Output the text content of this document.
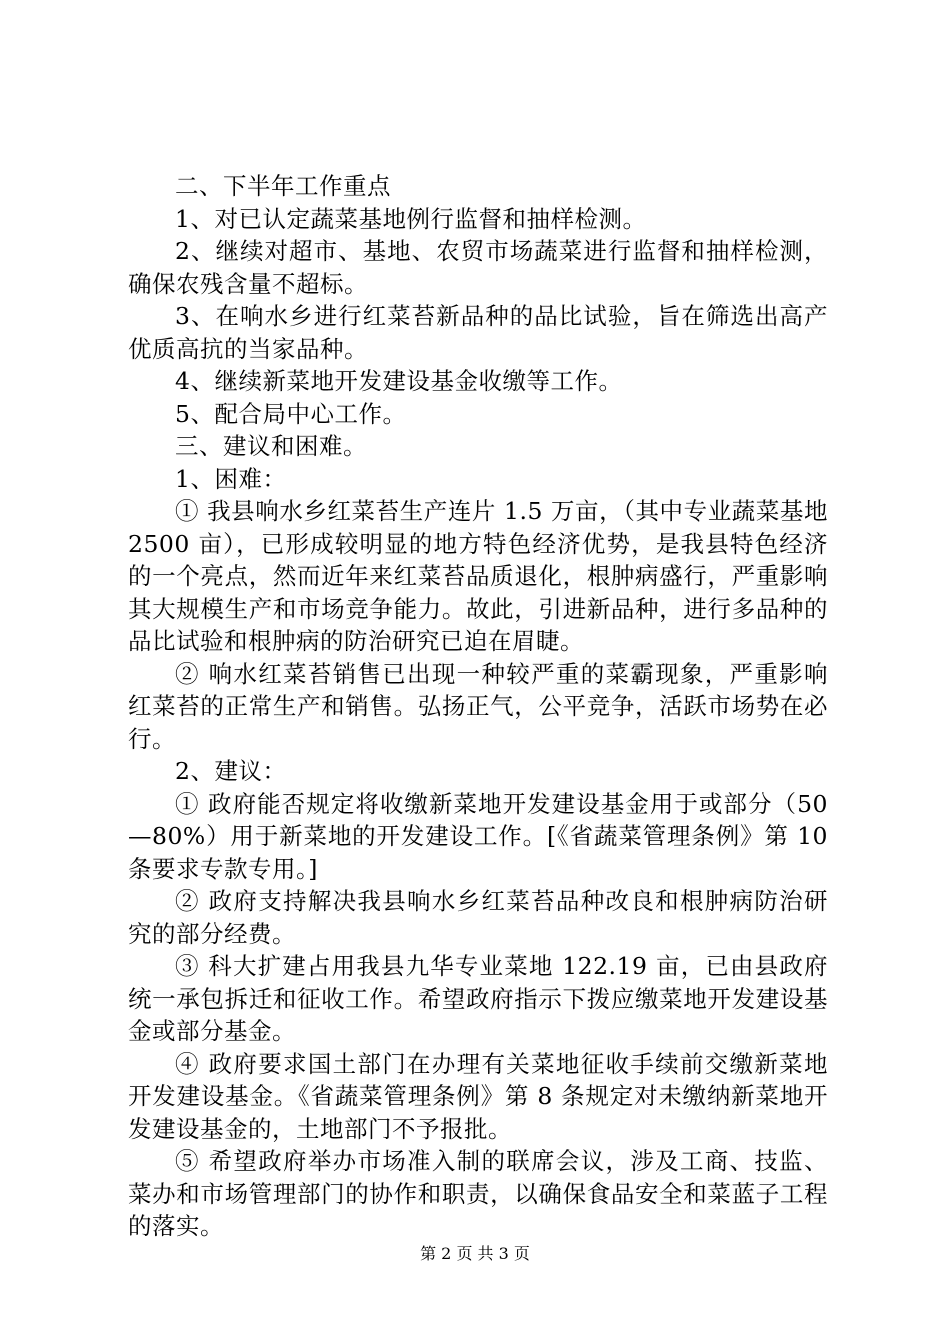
二、下半年工作重点

1、对已认定蔬菜基地例行监督和抽样检测。

2、继续对超市、基地、农贸市场蔬菜进行监督和抽样检测，确保农残含量不超标。

3、在响水乡进行红菜苔新品种的品比试验，旨在筛选出高产优质高抗的当家品种。

4、继续新菜地开发建设基金收缴等工作。

5、配合局中心工作。

三、建议和困难。

1、困难：

① 我县响水乡红菜苔生产连片 1.5 万亩，（其中专业蔬菜基地 2500 亩），已形成较明显的地方特色经济优势，是我县特色经济的一个亮点，然而近年来红菜苔品质退化，根肿病盛行，严重影响其大规模生产和市场竞争能力。故此，引进新品种，进行多品种的品比试验和根肿病的防治研究已迫在眉睫。

② 响水红菜苔销售已出现一种较严重的菜霸现象，严重影响红菜苔的正常生产和销售。弘扬正气，公平竞争，活跃市场势在必行。

2、建议：

① 政府能否规定将收缴新菜地开发建设基金用于或部分（50—80%）用于新菜地的开发建设工作。[《省蔬菜管理条例》第 10 条要求专款专用。]

② 政府支持解决我县响水乡红菜苔品种改良和根肿病防治研究的部分经费。

③ 科大扩建占用我县九华专业菜地 122.19 亩，已由县政府统一承包拆迁和征收工作。希望政府指示下拨应缴菜地开发建设基金或部分基金。

④ 政府要求国土部门在办理有关菜地征收手续前交缴新菜地开发建设基金。《省蔬菜管理条例》第 8 条规定对未缴纳新菜地开发建设基金的，土地部门不予报批。

⑤ 希望政府举办市场准入制的联席会议，涉及工商、技监、菜办和市场管理部门的协作和职责，以确保食品安全和菜蓝子工程的落实。

第 2 页 共 3 页
